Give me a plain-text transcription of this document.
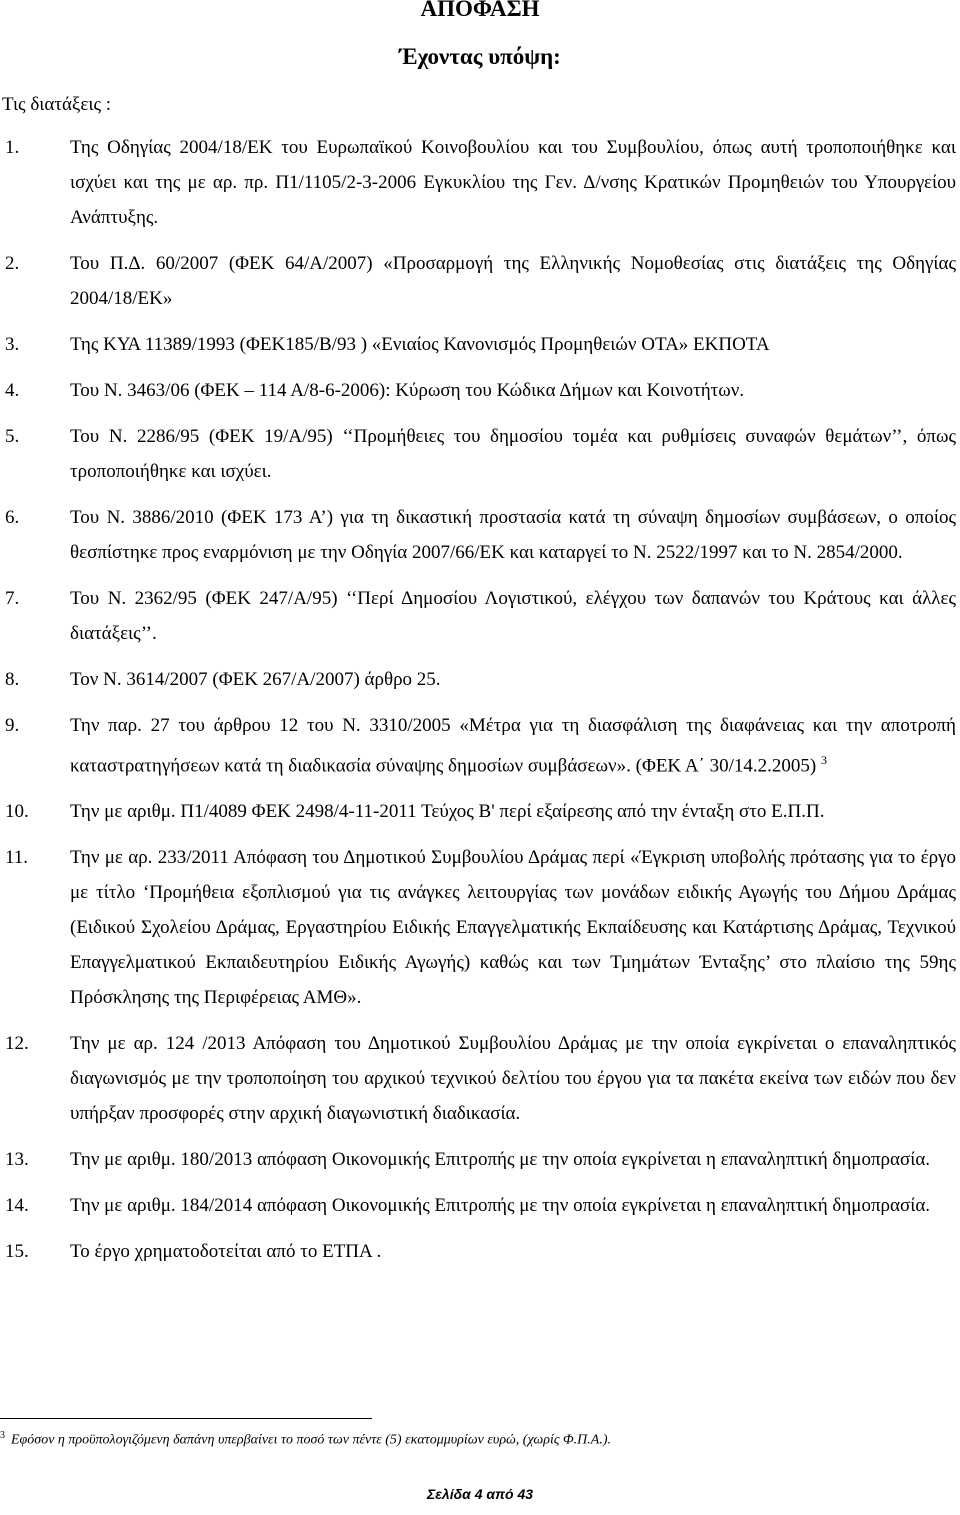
ΑΠΟΦΑΣΗ
Έχοντας υπόψη:

Τις διατάξεις :

1.	Της Οδηγίας 2004/18/ΕΚ του Ευρωπαϊκού Κοινοβουλίου και του Συμβουλίου, όπως αυτή τροποποιήθηκε και ισχύει και της με αρ. πρ. Π1/1105/2-3-2006 Εγκυκλίου της Γεν. Δ/νσης Κρατικών Προμηθειών του Υπουργείου Ανάπτυξης.
2.	Του Π.Δ. 60/2007 (ΦΕΚ 64/Α/2007) «Προσαρμογή της Ελληνικής Νομοθεσίας στις διατάξεις της Οδηγίας 2004/18/ΕΚ»
3.	Της ΚΥΑ 11389/1993 (ΦΕΚ185/Β/93 ) «Ενιαίος Κανονισμός Προμηθειών ΟΤΑ» ΕΚΠΟΤΑ
4.	Του Ν. 3463/06 (ΦΕΚ – 114 Α/8-6-2006): Κύρωση του Κώδικα Δήμων και Κοινοτήτων.
5.	Του Ν. 2286/95 (ΦΕΚ 19/Α/95) ‘‘Προμήθειες του δημοσίου τομέα και ρυθμίσεις συναφών θεμάτων’’, όπως τροποποιήθηκε και ισχύει.
6.	Του Ν. 3886/2010 (ΦΕΚ 173 Α’) για τη δικαστική προστασία κατά τη σύναψη δημοσίων συμβάσεων, ο οποίος θεσπίστηκε προς εναρμόνιση με την Οδηγία 2007/66/ΕΚ και καταργεί το Ν. 2522/1997 και το Ν. 2854/2000.
7.	Του Ν. 2362/95 (ΦΕΚ 247/Α/95) ‘‘Περί Δημοσίου Λογιστικού, ελέγχου των δαπανών του Κράτους και άλλες διατάξεις’’.
8.	Τον Ν. 3614/2007 (ΦΕΚ 267/Α/2007) άρθρο 25.
9.	Την παρ. 27 του άρθρου 12 του Ν. 3310/2005 «Μέτρα για τη διασφάλιση της διαφάνειας και την αποτροπή καταστρατηγήσεων κατά τη διαδικασία σύναψης δημοσίων συμβάσεων». (ΦΕΚ Α΄ 30/14.2.2005) $^3$
10. Την με αριθμ. Π1/4089 ΦΕΚ 2498/4-11-2011 Τεύχος Β' περί εξαίρεσης από την ένταξη στο Ε.Π.Π.
11. Την με αρ. 233/2011 Απόφαση του Δημοτικού Συμβουλίου Δράμας περί «Έγκριση υποβολής πρότασης για το έργο με τίτλο ‘Προμήθεια εξοπλισμού για τις ανάγκες λειτουργίας των μονάδων ειδικής Αγωγής του Δήμου Δράμας (Ειδικού Σχολείου Δράμας, Εργαστηρίου Ειδικής Επαγγελματικής Εκπαίδευσης και Κατάρτισης Δράμας, Τεχνικού Επαγγελματικού Εκπαιδευτηρίου Ειδικής Αγωγής) καθώς και των Τμημάτων Ένταξης’ στο πλαίσιο της 59ης Πρόσκλησης της Περιφέρειας ΑΜΘ».
12. Την με αρ. 124 /2013 Απόφαση του Δημοτικού Συμβουλίου Δράμας με την οποία εγκρίνεται ο επαναληπτικός διαγωνισμός με την τροποποίηση του αρχικού τεχνικού δελτίου του έργου για τα πακέτα εκείνα των ειδών που δεν υπήρξαν προσφορές στην αρχική διαγωνιστική διαδικασία.
13. Την με αριθμ. 180/2013 απόφαση Οικονομικής Επιτροπής με την οποία εγκρίνεται η επαναληπτική δημοπρασία.
14. Την με αριθμ. 184/2014 απόφαση Οικονομικής Επιτροπής με την οποία εγκρίνεται η επαναληπτική δημοπρασία.
15. Το έργο χρηματοδοτείται από το ΕΤΠΑ .
$^3$ Εφόσον η προϋπολογιζόμενη δαπάνη υπερβαίνει το ποσό των πέντε (5) εκατομμυρίων ευρώ, (χωρίς Φ.Π.Α.).
Σελίδα 4 από 43
